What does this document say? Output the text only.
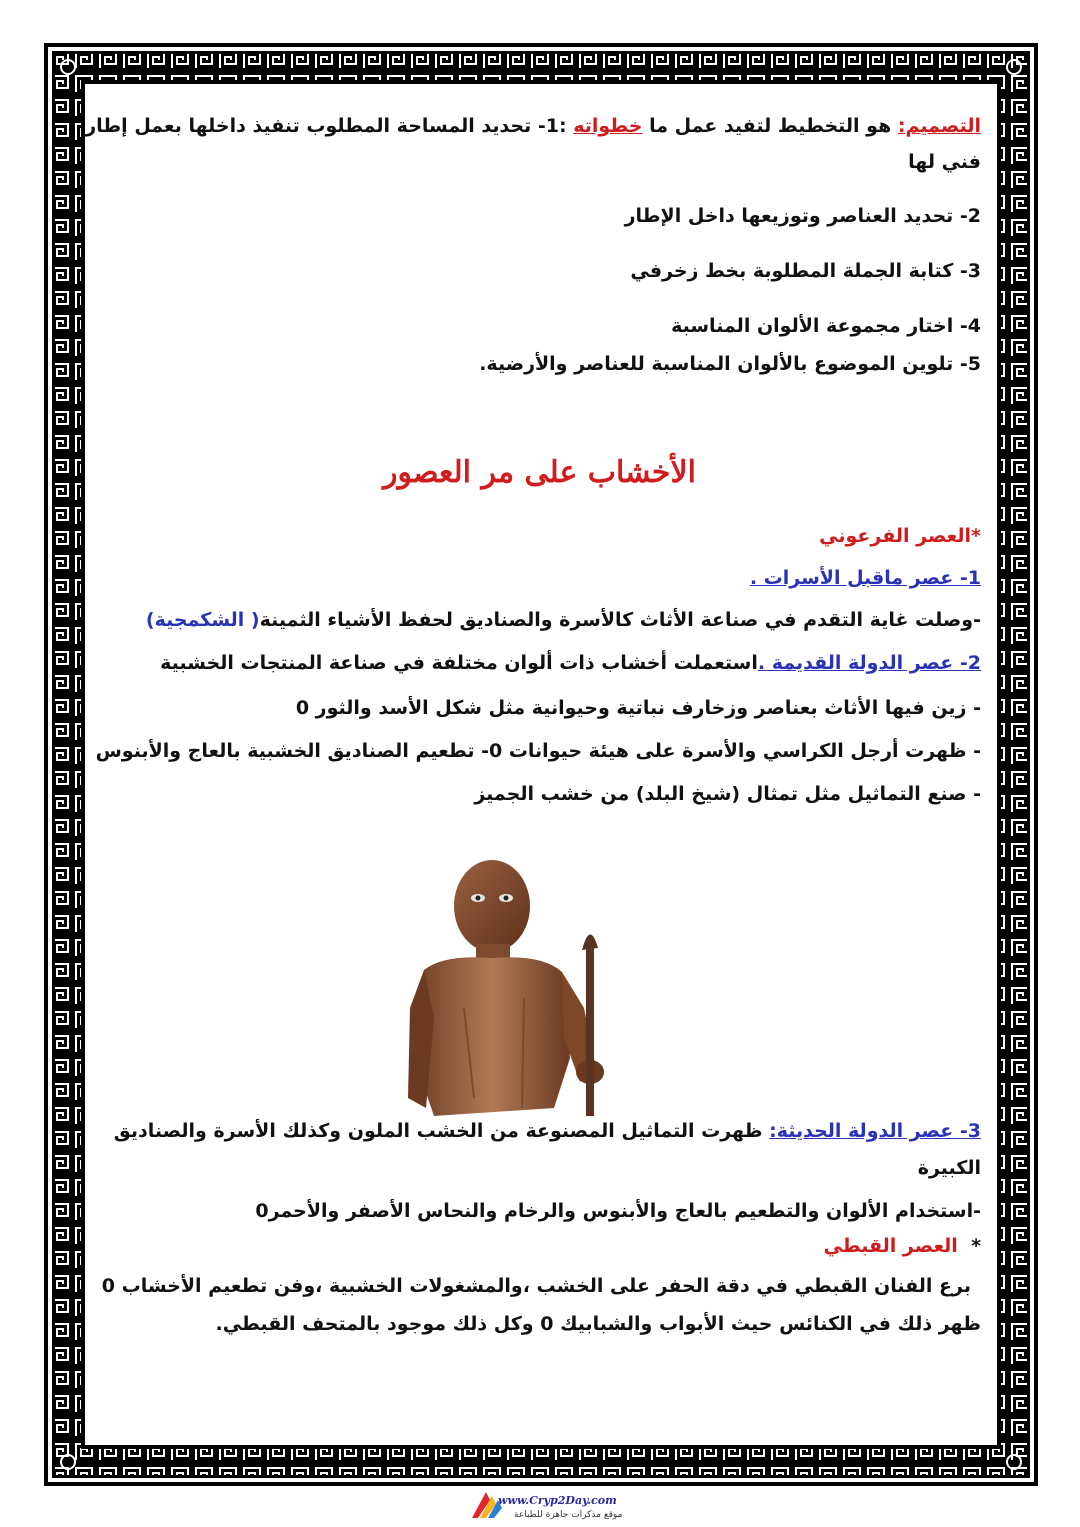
التصميم: هو التخطيط لتفيد عمل ما خطواته :1- تحديد المساحة المطلوب تنفيذ داخلها بعمل إطار
فني لها
2- تحديد العناصر وتوزيعها داخل الإطار
3- كتابة الجملة المطلوبة بخط زخرفي
4- اختار مجموعة الألوان المناسبة
5- تلوين الموضوع بالألوان المناسبة للعناصر والأرضية.
الأخشاب على مر العصور
*العصر الفرعوني
1- عصر ماقبل الأسرات .
-وصلت غاية التقدم في صناعة الأثاث كالأسرة والصناديق لحفظ الأشياء الثمينة( الشكمجية)
2- عصر الدولة القديمة .استعملت أخشاب ذات ألوان مختلفة في صناعة المنتجات الخشبية
- زين فيها الأثاث بعناصر وزخارف نباتية وحيوانية مثل شكل الأسد والثور 0
- ظهرت أرجل الكراسي والأسرة على هيئة حيوانات 0- تطعيم الصناديق الخشبية بالعاج والأبنوس
- صنع التماثيل مثل تمثال (شيخ البلد) من خشب الجميز
3- عصر الدولة الحديثة: ظهرت التماثيل المصنوعة من الخشب الملون وكذلك الأسرة والصناديق
الكبيرة
-استخدام الألوان والتطعيم بالعاج والأبنوس والرخام والنحاس الأصفر والأحمر0
*  العصر القبطي
برع الفنان القبطي في دقة الحفر على الخشب ،والمشغولات الخشبية ،وفن تطعيم الأخشاب 0
ظهر ذلك في الكنائس حيث الأبواب والشبابيك 0 وكل ذلك موجود بالمتحف القبطي.
www.Cryp2Day.com
موقع مذكرات جاهزة للطباعة
